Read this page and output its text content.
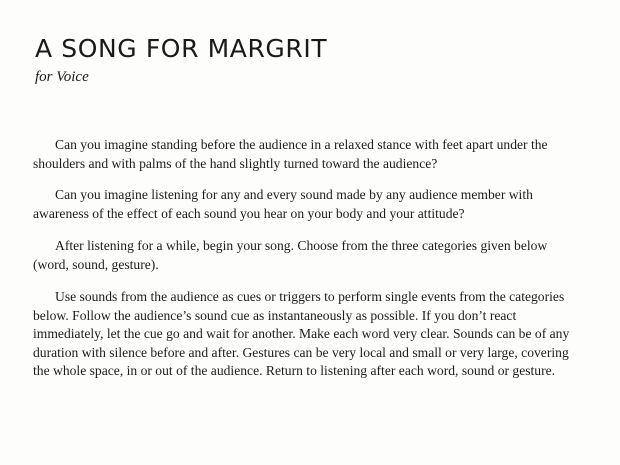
A SONG FOR MARGRIT

for Voice

Can you imagine standing before the audience in a relaxed stance with feet apart under the shoulders and with palms of the hand slightly turned toward the audience?

Can you imagine listening for any and every sound made by any audience member with awareness of the effect of each sound you hear on your body and your attitude?

After listening for a while, begin your song. Choose from the three categories given below (word, sound, gesture).

Use sounds from the audience as cues or triggers to perform single events from the categories below. Follow the audience’s sound cue as instantaneously as possible. If you don’t react immediately, let the cue go and wait for another. Make each word very clear. Sounds can be of any duration with silence before and after. Gestures can be very local and small or very large, covering the whole space, in or out of the audience. Return to listening after each word, sound or gesture.
